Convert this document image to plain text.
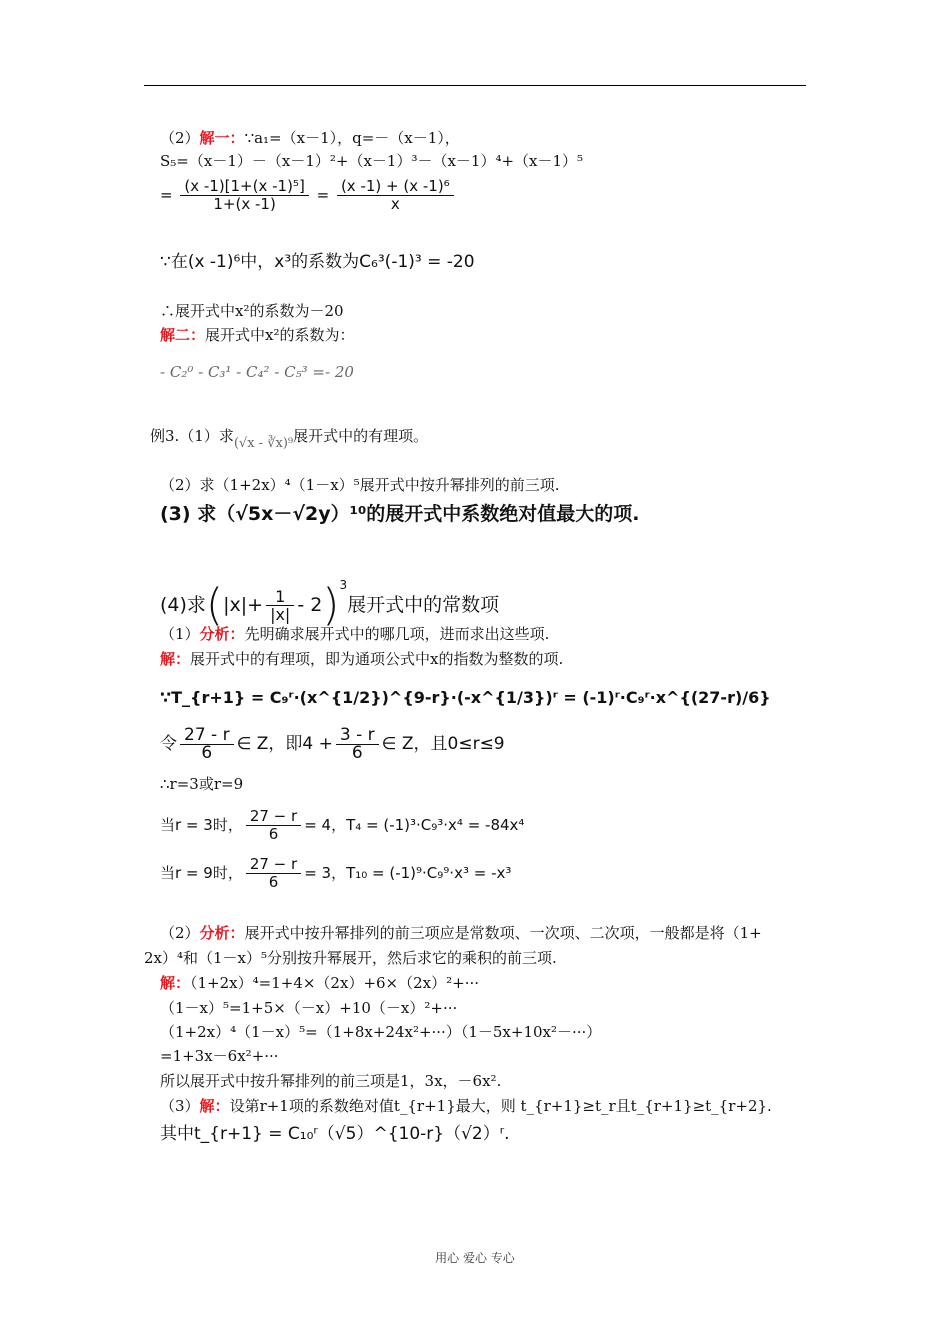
（2）解一：∵a₁=（x－1），q=－（x－1），
S₅=（x－1）－（x－1）²+（x－1）³－（x－1）⁴+（x－1）⁵
= $\frac{\text{(x -1)[1+(x -1)⁵]}}{1+(x -1)} = \frac{\text{(x -1) + (x -1)⁶}}{x}$
∵在(x -1)⁶中，x³的系数为C₆³(-1)³ = -20
∴展开式中x²的系数为－20
解二：展开式中x²的系数为：
- C₂⁰ - C₃¹ - C₄² - C₅³ =- 20
例3.（1）求(√x - ∛x)⁹展开式中的有理项。
（2）求（1+2x）⁴（1－x）⁵展开式中按升幂排列的前三项.
(3) 求（√5x－√2y）¹⁰的展开式中系数绝对值最大的项.
(4)求$(|x|+ \frac{1}{|x|} - 2)^3$展开式中的常数项
（1）分析：先明确求展开式中的哪几项，进而求出这些项.
解：展开式中的有理项，即为通项公式中x的指数为整数的项.
∵T_{r+1} = C₉ʳ·(x^{1/2})^{9-r}·(-x^{1/3})ʳ = (-1)ʳ·C₉ʳ·x^{(27-r)/6}
令 $\frac{27 - r}{6}$ ∈ Z，即$4 + \frac{3 - r}{6}$ ∈ Z，且0≤r≤9
∴r=3或r=9
当r = 3时， $\frac{27 - r}{6} = 4$，T₄ = (-1)³·C₉³·x⁴ = -84x⁴
当r = 9时， $\frac{27 - r}{6} = 3$，T₁₀ = (-1)⁹·C₉⁹·x³ = -x³
（2）分析：展开式中按升幂排列的前三项应是常数项、一次项、二次项，一般都是将（1+
2x）⁴和（1－x）⁵分别按升幂展开，然后求它的乘积的前三项.
解：（1+2x）⁴=1+4×（2x）+6×（2x）²+···
（1－x）⁵=1+5×（－x）+10（－x）²+···
（1+2x）⁴（1－x）⁵=（1+8x+24x²+···）（1－5x+10x²－···）
=1+3x－6x²+···
所以展开式中按升幂排列的前三项是1，3x，－6x².
（3）解：设第r+1项的系数绝对值t_{r+1}最大，则 t_{r+1}≥t_r且t_{r+1}≥t_{r+2}.
其中t_{r+1} = C₁₀ʳ（√5）^{10-r}（√2）ʳ.
用心 爱心 专心
